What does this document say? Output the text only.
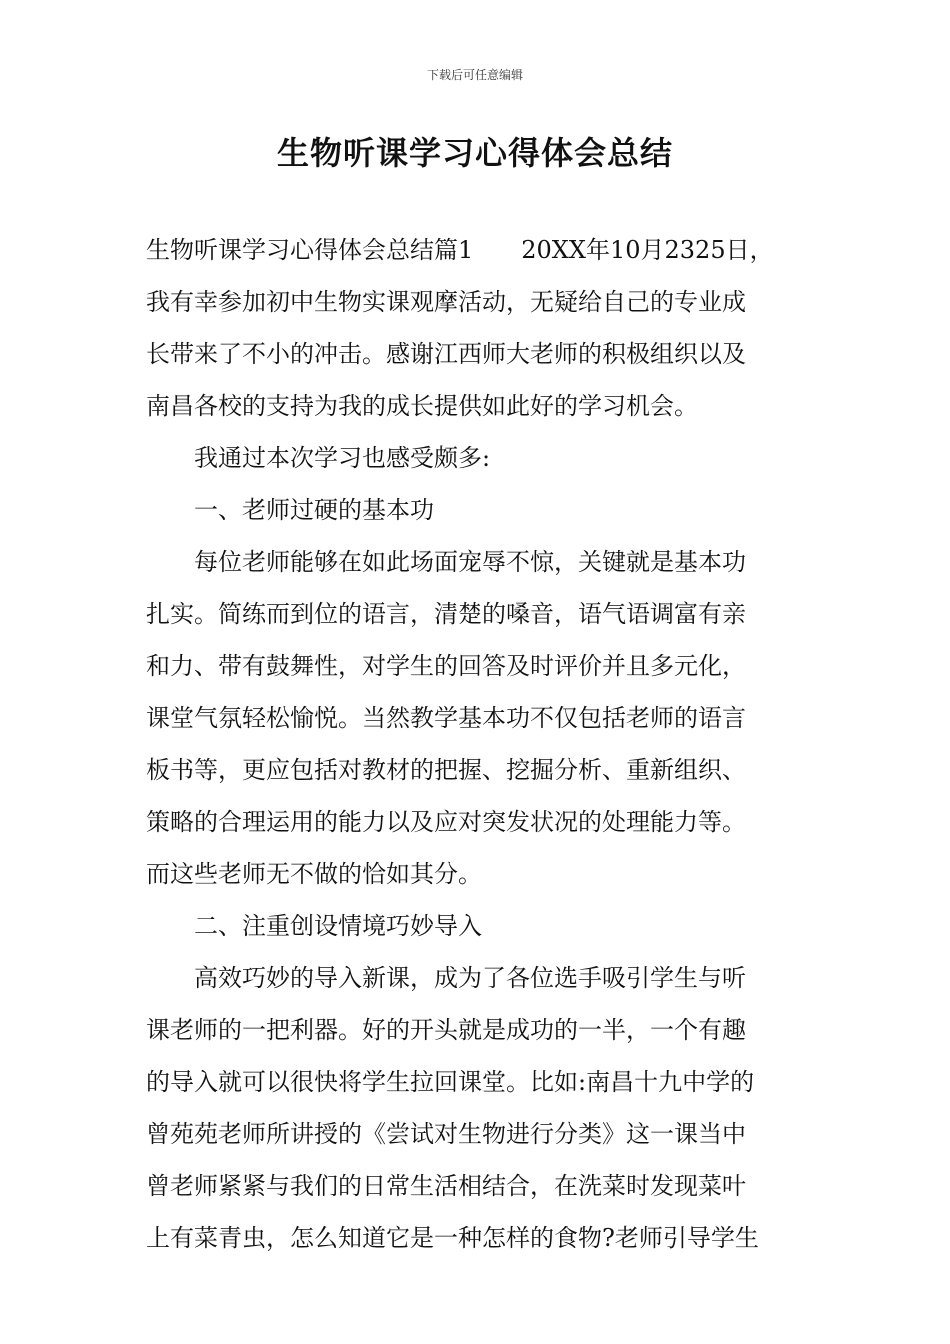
下载后可任意编辑
生物听课学习心得体会总结
生物听课学习心得体会总结篇1　　20XX年10月2325日，
我有幸参加初中生物实课观摩活动，无疑给自己的专业成
长带来了不小的冲击。感谢江西师大老师的积极组织以及
南昌各校的支持为我的成长提供如此好的学习机会。
我通过本次学习也感受颇多:
一、老师过硬的基本功
每位老师能够在如此场面宠辱不惊，关键就是基本功
扎实。简练而到位的语言，清楚的嗓音，语气语调富有亲
和力、带有鼓舞性，对学生的回答及时评价并且多元化，
课堂气氛轻松愉悦。当然教学基本功不仅包括老师的语言
板书等，更应包括对教材的把握、挖掘分析、重新组织、
策略的合理运用的能力以及应对突发状况的处理能力等。
而这些老师无不做的恰如其分。
二、注重创设情境巧妙导入
高效巧妙的导入新课，成为了各位选手吸引学生与听
课老师的一把利器。好的开头就是成功的一半，一个有趣
的导入就可以很快将学生拉回课堂。比如:南昌十九中学的
曾苑苑老师所讲授的《尝试对生物进行分类》这一课当中
曾老师紧紧与我们的日常生活相结合，在洗菜时发现菜叶
上有菜青虫，怎么知道它是一种怎样的食物?老师引导学生
